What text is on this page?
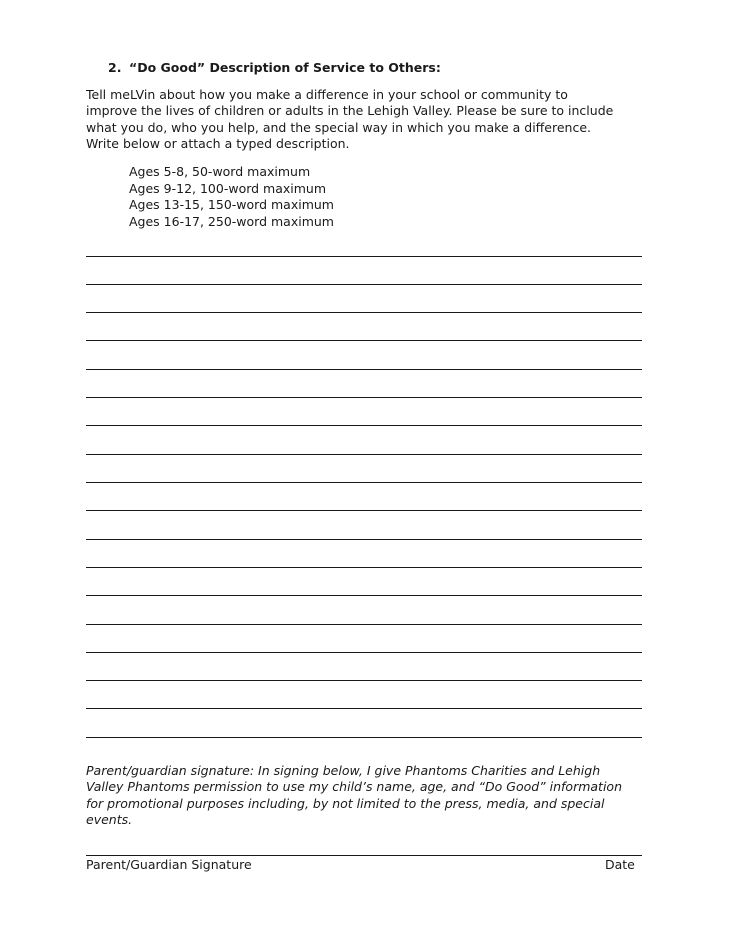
2. “Do Good” Description of Service to Others:

Tell meLVin about how you make a difference in your school or community to

improve the lives of children or adults in the Lehigh Valley. Please be sure to include

what you do, who you help, and the special way in which you make a difference.

Write below or attach a typed description.

Ages 5-8, 50-word maximum
Ages 9-12, 100-word maximum
Ages 13-15, 150-word maximum
Ages 16-17, 250-word maximum

Parent/guardian signature: In signing below, I give Phantoms Charities and Lehigh

Valley Phantoms permission to use my child’s name, age, and “Do Good” information

for promotional purposes including, by not limited to the press, media, and special

events.

Parent/Guardian Signature	Date
